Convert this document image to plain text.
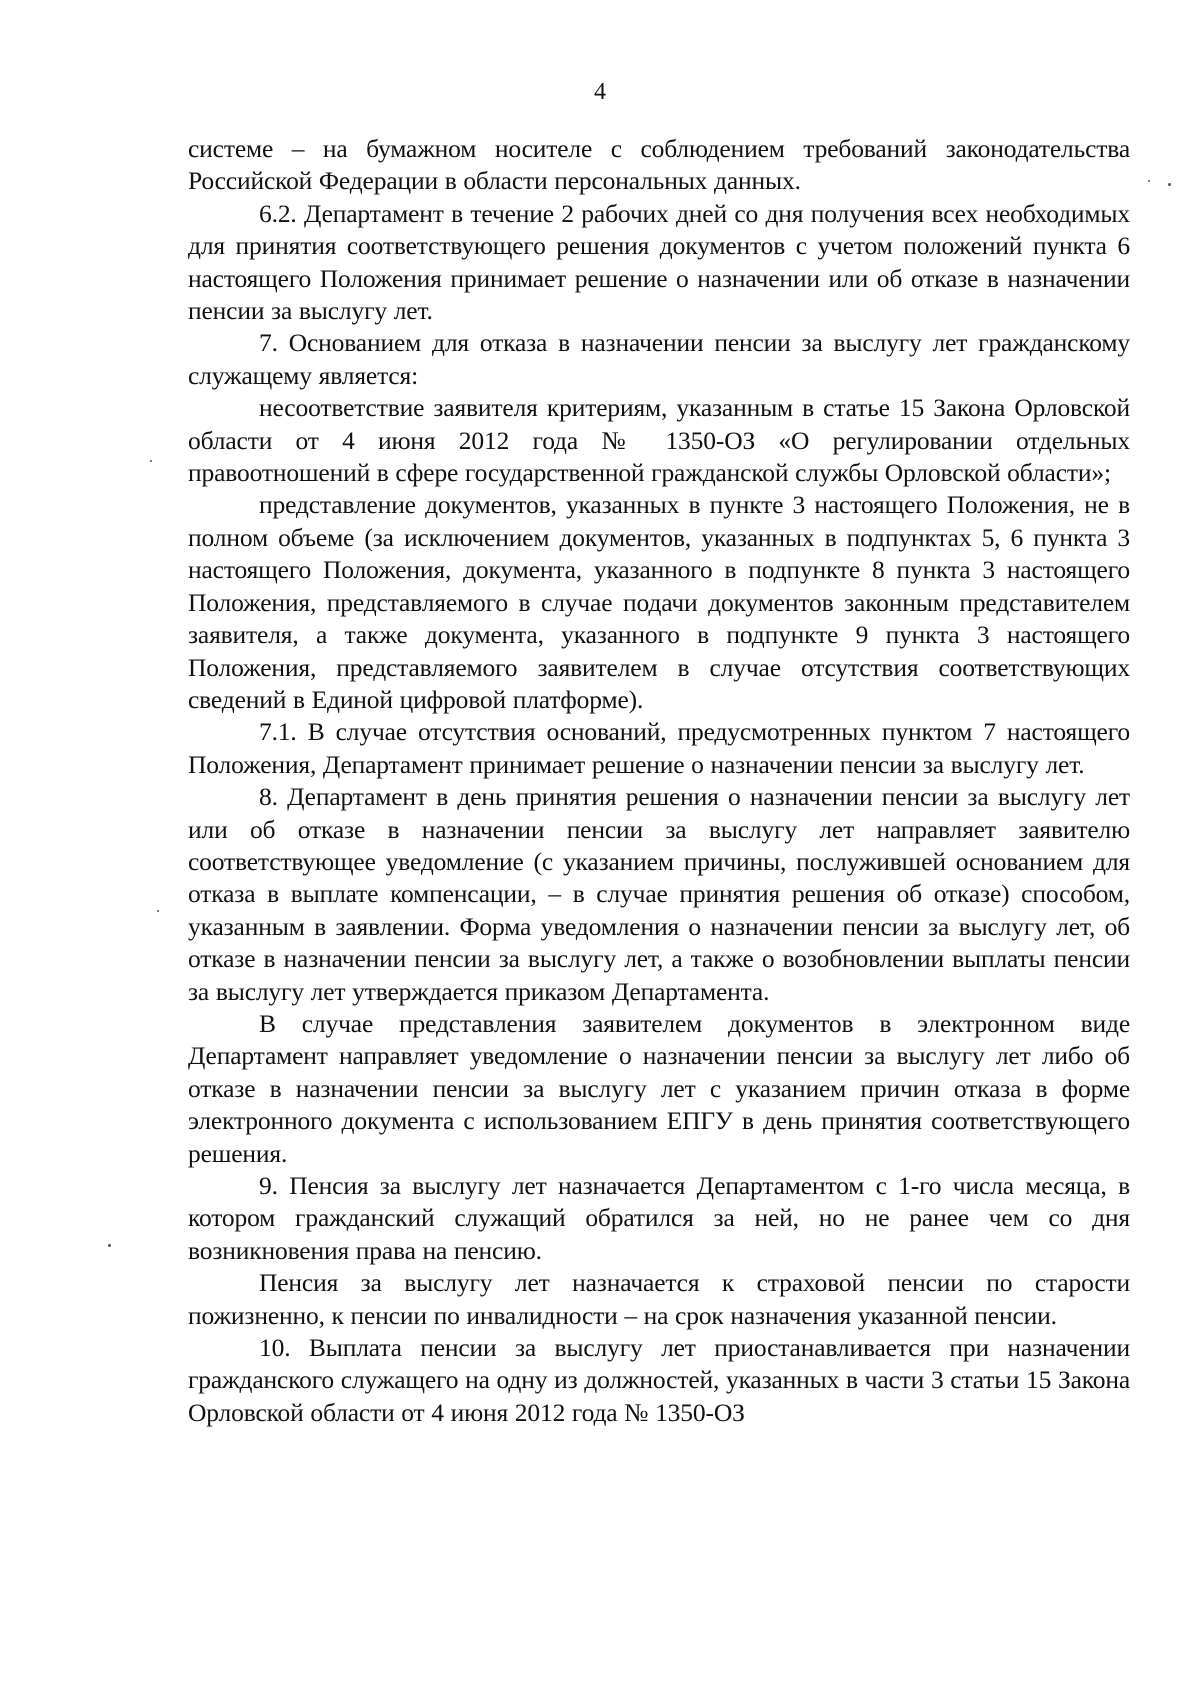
4

системе – на бумажном носителе с соблюдением требований законодательства Российской Федерации в области персональных данных.

6.2. Департамент в течение 2 рабочих дней со дня получения всех необходимых для принятия соответствующего решения документов с учетом положений пункта 6 настоящего Положения принимает решение о назначении или об отказе в назначении пенсии за выслугу лет.

7. Основанием для отказа в назначении пенсии за выслугу лет гражданскому служащему является:

несоответствие заявителя критериям, указанным в статье 15 Закона Орловской области от 4 июня 2012 года № 1350-ОЗ «О регулировании отдельных правоотношений в сфере государственной гражданской службы Орловской области»;

представление документов, указанных в пункте 3 настоящего Положения, не в полном объеме (за исключением документов, указанных в подпунктах 5, 6 пункта 3 настоящего Положения, документа, указанного в подпункте 8 пункта 3 настоящего Положения, представляемого в случае подачи документов законным представителем заявителя, а также документа, указанного в подпункте 9 пункта 3 настоящего Положения, представляемого заявителем в случае отсутствия соответствующих сведений в Единой цифровой платформе).

7.1. В случае отсутствия оснований, предусмотренных пунктом 7 настоящего Положения, Департамент принимает решение о назначении пенсии за выслугу лет.

8. Департамент в день принятия решения о назначении пенсии за выслугу лет или об отказе в назначении пенсии за выслугу лет направляет заявителю соответствующее уведомление (с указанием причины, послужившей основанием для отказа в выплате компенсации, – в случае принятия решения об отказе) способом, указанным в заявлении. Форма уведомления о назначении пенсии за выслугу лет, об отказе в назначении пенсии за выслугу лет, а также о возобновлении выплаты пенсии за выслугу лет утверждается приказом Департамента.

В случае представления заявителем документов в электронном виде Департамент направляет уведомление о назначении пенсии за выслугу лет либо об отказе в назначении пенсии за выслугу лет с указанием причин отказа в форме электронного документа с использованием ЕПГУ в день принятия соответствующего решения.

9. Пенсия за выслугу лет назначается Департаментом с 1-го числа месяца, в котором гражданский служащий обратился за ней, но не ранее чем со дня возникновения права на пенсию.

Пенсия за выслугу лет назначается к страховой пенсии по старости пожизненно, к пенсии по инвалидности – на срок назначения указанной пенсии.

10. Выплата пенсии за выслугу лет приостанавливается при назначении гражданского служащего на одну из должностей, указанных в части 3 статьи 15 Закона Орловской области от 4 июня 2012 года № 1350-ОЗ
